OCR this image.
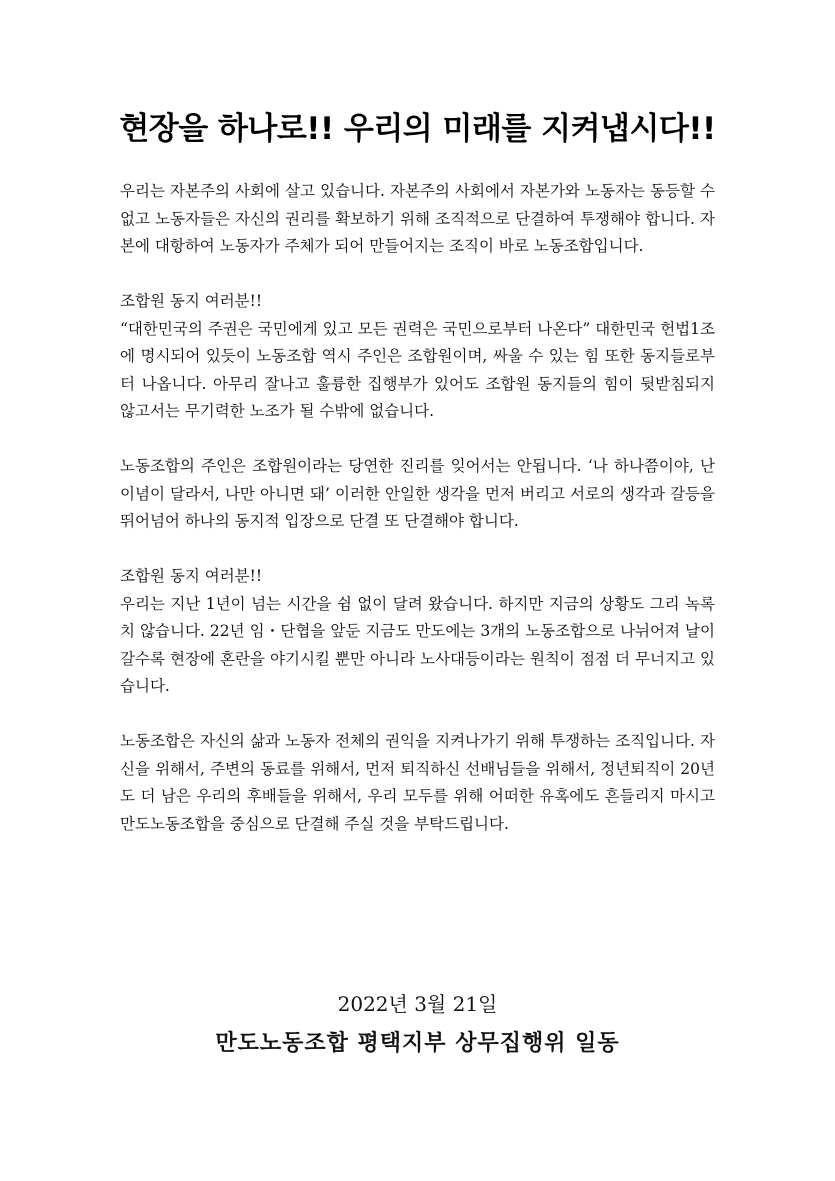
현장을 하나로!! 우리의 미래를 지켜냅시다!!

우리는 자본주의 사회에 살고 있습니다. 자본주의 사회에서 자본가와 노동자는 동등할 수 없고 노동자들은 자신의 권리를 확보하기 위해 조직적으로 단결하여 투쟁해야 합니다. 자본에 대항하여 노동자가 주체가 되어 만들어지는 조직이 바로 노동조합입니다.

조합원 동지 여러분!!

“대한민국의 주권은 국민에게 있고 모든 권력은 국민으로부터 나온다” 대한민국 헌법1조에 명시되어 있듯이 노동조합 역시 주인은 조합원이며, 싸울 수 있는 힘 또한 동지들로부터 나옵니다. 아무리 잘나고 훌륭한 집행부가 있어도 조합원 동지들의 힘이 뒷받침되지 않고서는 무기력한 노조가 될 수밖에 없습니다.

노동조합의 주인은 조합원이라는 당연한 진리를 잊어서는 안됩니다. ‘나 하나쯤이야, 난 이념이 달라서, 나만 아니면 돼’ 이러한 안일한 생각을 먼저 버리고 서로의 생각과 갈등을 뛰어넘어 하나의 동지적 입장으로 단결 또 단결해야 합니다.

조합원 동지 여러분!!

우리는 지난 1년이 넘는 시간을 쉼 없이 달려 왔습니다. 하지만 지금의 상황도 그리 녹록치 않습니다. 22년 임・단협을 앞둔 지금도 만도에는 3개의 노동조합으로 나뉘어져 날이 갈수록 현장에 혼란을 야기시킬 뿐만 아니라 노사대등이라는 원칙이 점점 더 무너지고 있습니다.

노동조합은 자신의 삶과 노동자 전체의 권익을 지켜나가기 위해 투쟁하는 조직입니다. 자신을 위해서, 주변의 동료를 위해서, 먼저 퇴직하신 선배님들을 위해서, 정년퇴직이 20년도 더 남은 우리의 후배들을 위해서, 우리 모두를 위해 어떠한 유혹에도 흔들리지 마시고 만도노동조합을 중심으로 단결해 주실 것을 부탁드립니다.

2022년 3월 21일
만도노동조합 평택지부 상무집행위 일동
